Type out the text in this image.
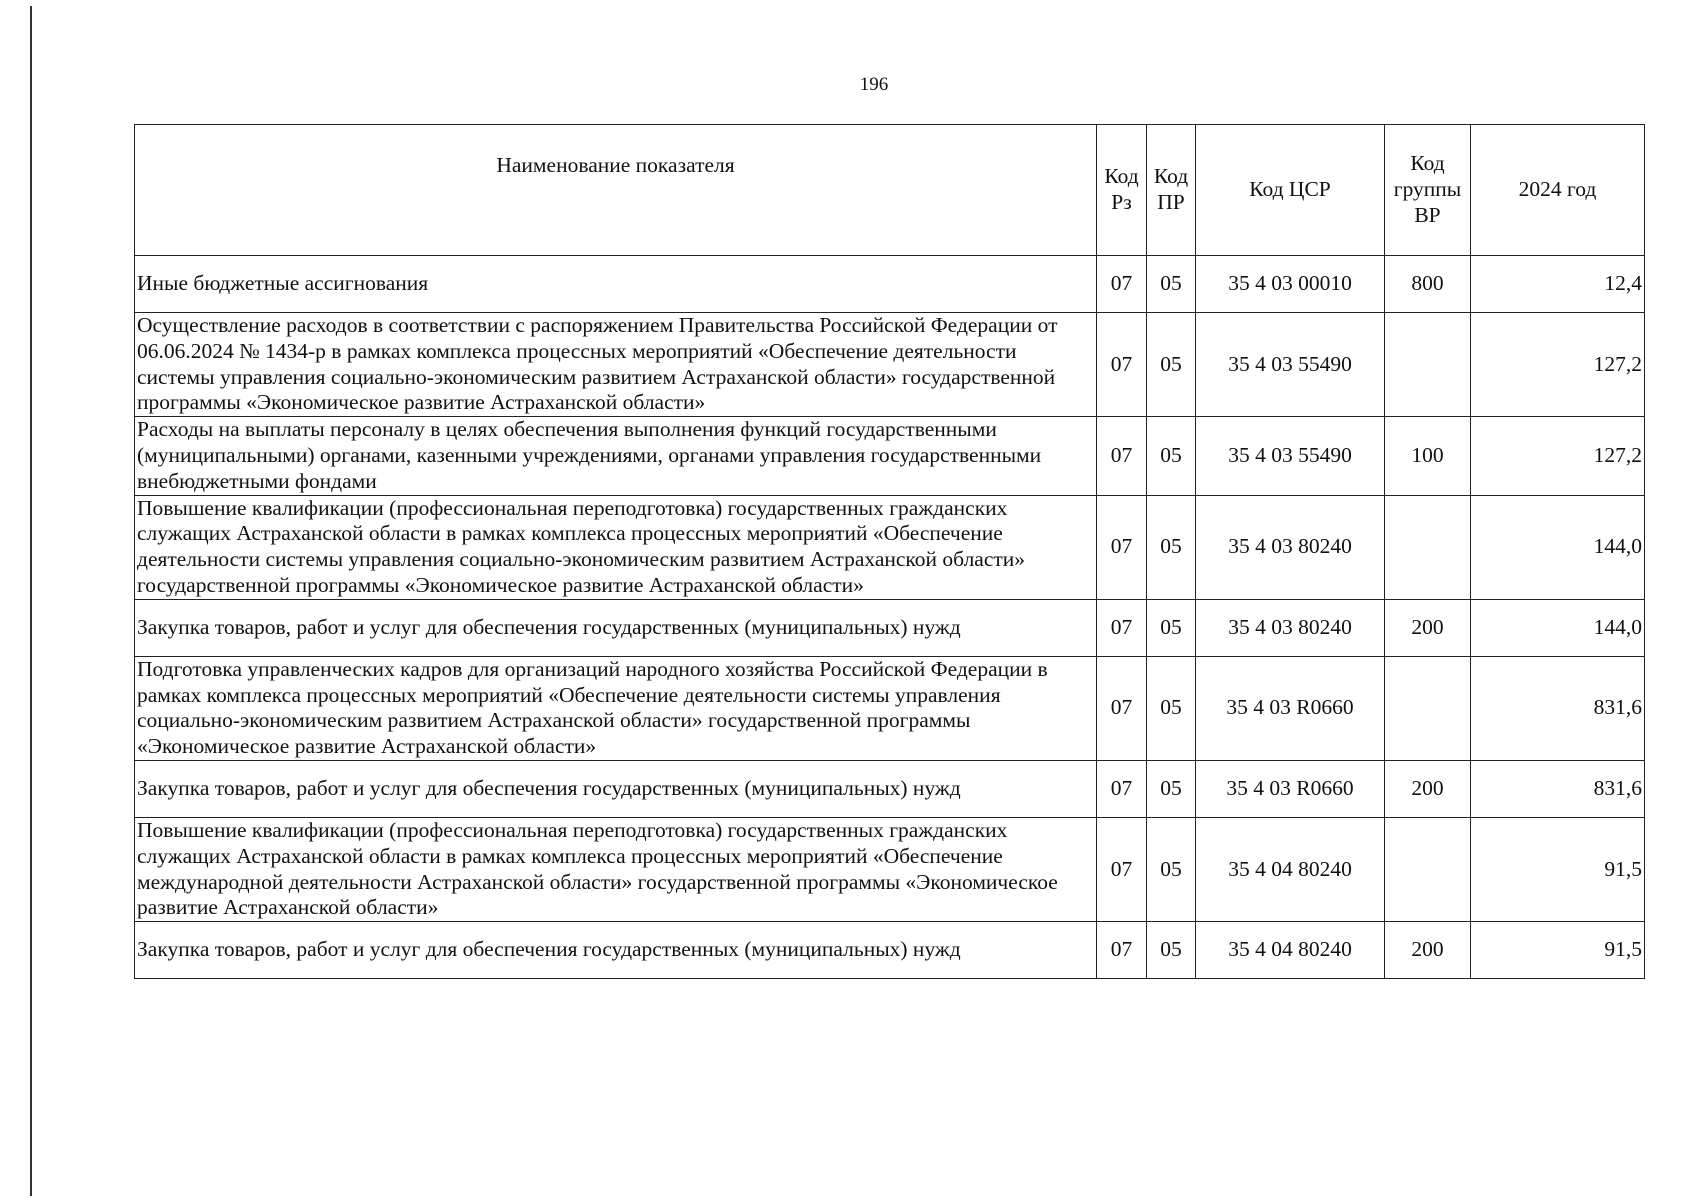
196
Наименование показателя	Код Рз	Код ПР	Код ЦСР	Код группы ВР	2024 год
Иные бюджетные ассигнования	07	05	35 4 03 00010	800	12,4
Осуществление расходов в соответствии с распоряжением Правительства Российской Федерации от 06.06.2024 № 1434-р в рамках комплекса процессных мероприятий «Обеспечение деятельности системы управления социально-экономическим развитием Астраханской области» государственной программы «Экономическое развитие Астраханской области»	07	05	35 4 03 55490		127,2
Расходы на выплаты персоналу в целях обеспечения выполнения функций государственными (муниципальными) органами, казенными учреждениями, органами управления государственными внебюджетными фондами	07	05	35 4 03 55490	100	127,2
Повышение квалификации (профессиональная переподготовка) государственных гражданских служащих Астраханской области в рамках комплекса процессных мероприятий «Обеспечение деятельности системы управления социально-экономическим развитием Астраханской области» государственной программы «Экономическое развитие Астраханской области»	07	05	35 4 03 80240		144,0
Закупка товаров, работ и услуг для обеспечения государственных (муниципальных) нужд	07	05	35 4 03 80240	200	144,0
Подготовка управленческих кадров для организаций народного хозяйства Российской Федерации в рамках комплекса процессных мероприятий «Обеспечение деятельности системы управления социально-экономическим развитием Астраханской области» государственной программы «Экономическое развитие Астраханской области»	07	05	35 4 03 R0660		831,6
Закупка товаров, работ и услуг для обеспечения государственных (муниципальных) нужд	07	05	35 4 03 R0660	200	831,6
Повышение квалификации (профессиональная переподготовка) государственных гражданских служащих Астраханской области в рамках комплекса процессных мероприятий «Обеспечение международной деятельности Астраханской области» государственной программы «Экономическое развитие Астраханской области»	07	05	35 4 04 80240		91,5
Закупка товаров, работ и услуг для обеспечения государственных (муниципальных) нужд	07	05	35 4 04 80240	200	91,5
